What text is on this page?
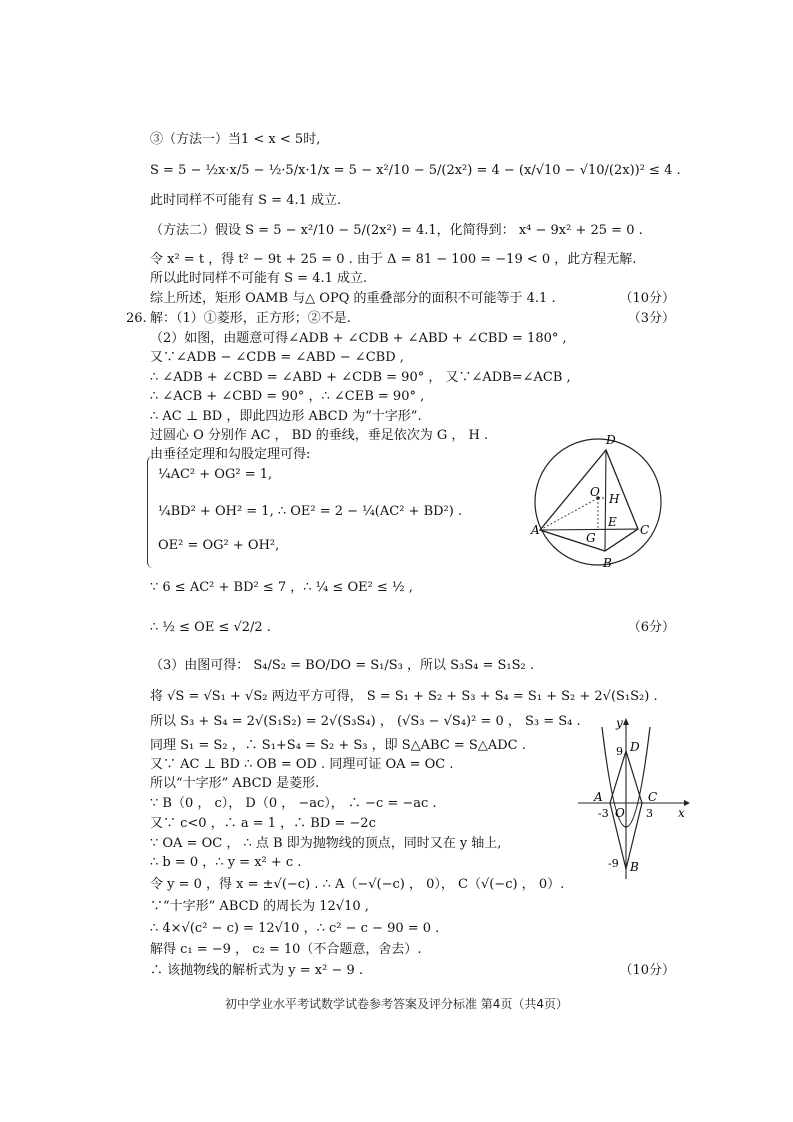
③（方法一）当1 < x < 5时,
S = 5 − ½x·x/5 − ½·5/x·1/x = 5 − x²/10 − 5/(2x²) = 4 − (x/√10 − √10/(2x))² ≤ 4 .
此时同样不可能有 S = 4.1 成立.
（方法二）假设 S = 5 − x²/10 − 5/(2x²) = 4.1，化简得到： x⁴ − 9x² + 25 = 0 .
令 x² = t ，得 t² − 9t + 25 = 0 . 由于 Δ = 81 − 100 = −19 < 0 ，此方程无解.
所以此时同样不可能有 S = 4.1 成立.
综上所述，矩形 OAMB 与△ OPQ 的重叠部分的面积不可能等于 4.1 .	（10分）
26. 解：（1）①菱形，正方形；②不是.	（3分）
（2）如图，由题意可得∠ADB + ∠CDB + ∠ABD + ∠CBD = 180° ,
又∵∠ADB − ∠CDB = ∠ABD − ∠CBD ,
∴ ∠ADB + ∠CBD = ∠ABD + ∠CDB = 90° ， 又∵∠ADB=∠ACB ,
∴ ∠ACB + ∠CBD = 90° ，∴ ∠CEB = 90° ,
∴ AC ⊥ BD ，即此四边形 ABCD 为“十字形”.
过圆心 O 分别作 AC ， BD 的垂线，垂足依次为 G ， H .
由垂径定理和勾股定理可得:
¼AC² + OG² = 1,
¼BD² + OH² = 1, ∴ OE² = 2 − ¼(AC² + BD²) .
OE² = OG² + OH²,
∵ 6 ≤ AC² + BD² ≤ 7 ，∴ ¼ ≤ OE² ≤ ½ ,
∴ ½ ≤ OE ≤ √2/2 .	（6分）
（3）由图可得： S₄/S₂ = BO/DO = S₁/S₃ ，所以 S₃S₄ = S₁S₂ .
将 √S = √S₁ + √S₂ 两边平方可得， S = S₁ + S₂ + S₃ + S₄ = S₁ + S₂ + 2√(S₁S₂) .
所以 S₃ + S₄ = 2√(S₁S₂) = 2√(S₃S₄) ， (√S₃ − √S₄)² = 0 ， S₃ = S₄ .
同理 S₁ = S₂ ，∴ S₁+S₄ = S₂ + S₃ ，即 S△ABC = S△ADC .
又∵ AC ⊥ BD ∴ OB = OD . 同理可证 OA = OC .
所以“十字形” ABCD 是菱形.
∵ B（0 ， c）， D（0 ， −ac）， ∴ −c = −ac .
又∵ c<0 ，∴ a = 1 ，∴ BD = −2c
∵ OA = OC ， ∴ 点 B 即为抛物线的顶点，同时又在 y 轴上,
∴ b = 0 ，∴ y = x² + c .
令 y = 0 ，得 x = ±√(−c) . ∴ A（−√(−c) ， 0）， C（√(−c) ， 0）.
∵“十字形” ABCD 的周长为 12√10 ,
∴ 4×√(c² − c) = 12√10 ，∴ c² − c − 90 = 0 .
解得 c₁ = −9 ， c₂ = 10（不合题意，舍去）.
∴ 该抛物线的解析式为 y = x² − 9 .	（10分）
D
O H
A
E
C
G
B
y
x
D
9
A	C
-3 O 3
-9 B
初中学业水平考试数学试卷参考答案及评分标准 第4页（共4页）
